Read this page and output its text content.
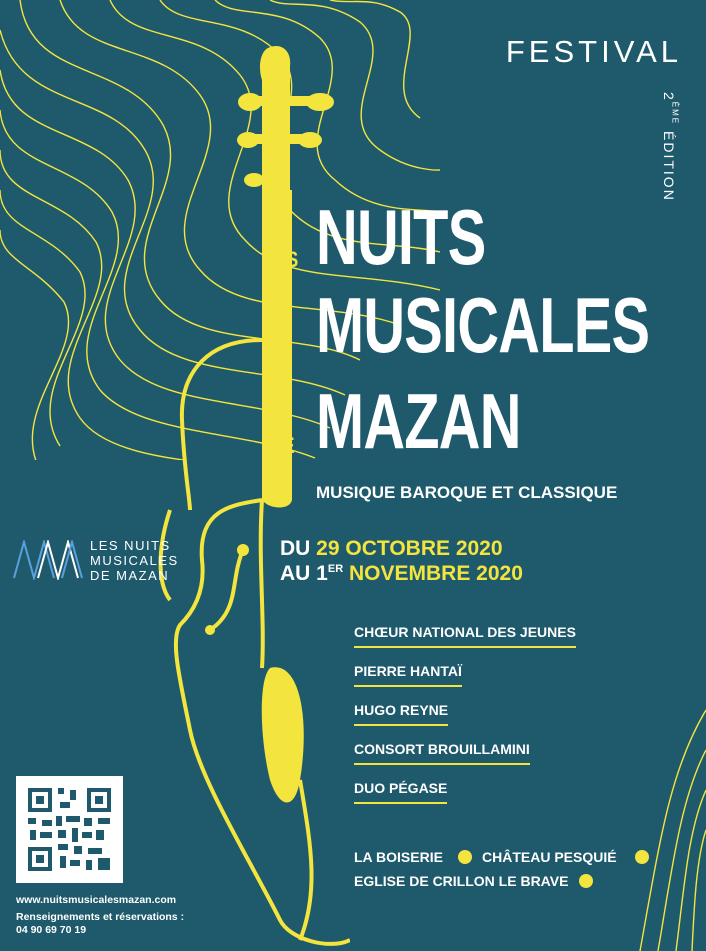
FESTIVAL
2ÈME ÉDITION
LES NUITS
MUSICALES
DE MAZAN
MUSIQUE BAROQUE ET CLASSIQUE
DU 29 OCTOBRE 2020
AU 1ER NOVEMBRE 2020
LES NUITS
MUSICALES
DE MAZAN
CHŒUR NATIONAL DES JEUNES
PIERRE HANTAÏ
HUGO REYNE
CONSORT BROUILLAMINI
DUO PÉGASE
LA BOISERIE	CHÂTEAU PESQUIÉ
EGLISE DE CRILLON LE BRAVE
www.nuitsmusicalesmazan.com
Renseignements et réservations :
04 90 69 70 19
